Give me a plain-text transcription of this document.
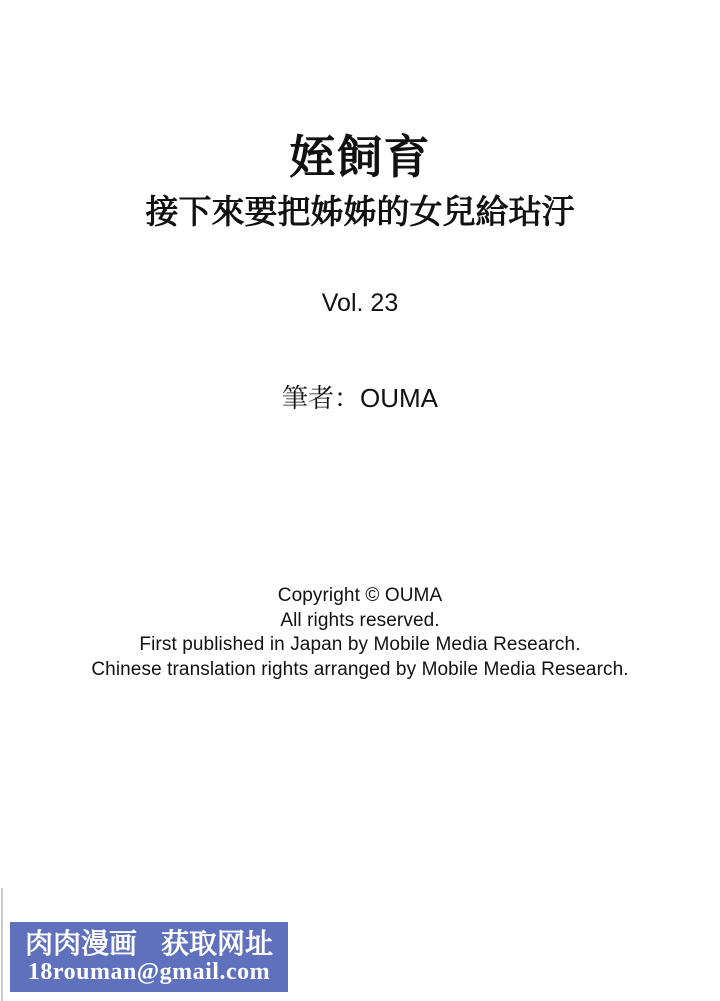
姪飼育
接下來要把姊姊的女兒給玷汙
Vol. 23
筆者：OUMA
Copyright © OUMA
All rights reserved.
First published in Japan by Mobile Media Research.
Chinese translation rights arranged by Mobile Media Research.
肉肉漫画 获取网址
18rouman@gmail.com
